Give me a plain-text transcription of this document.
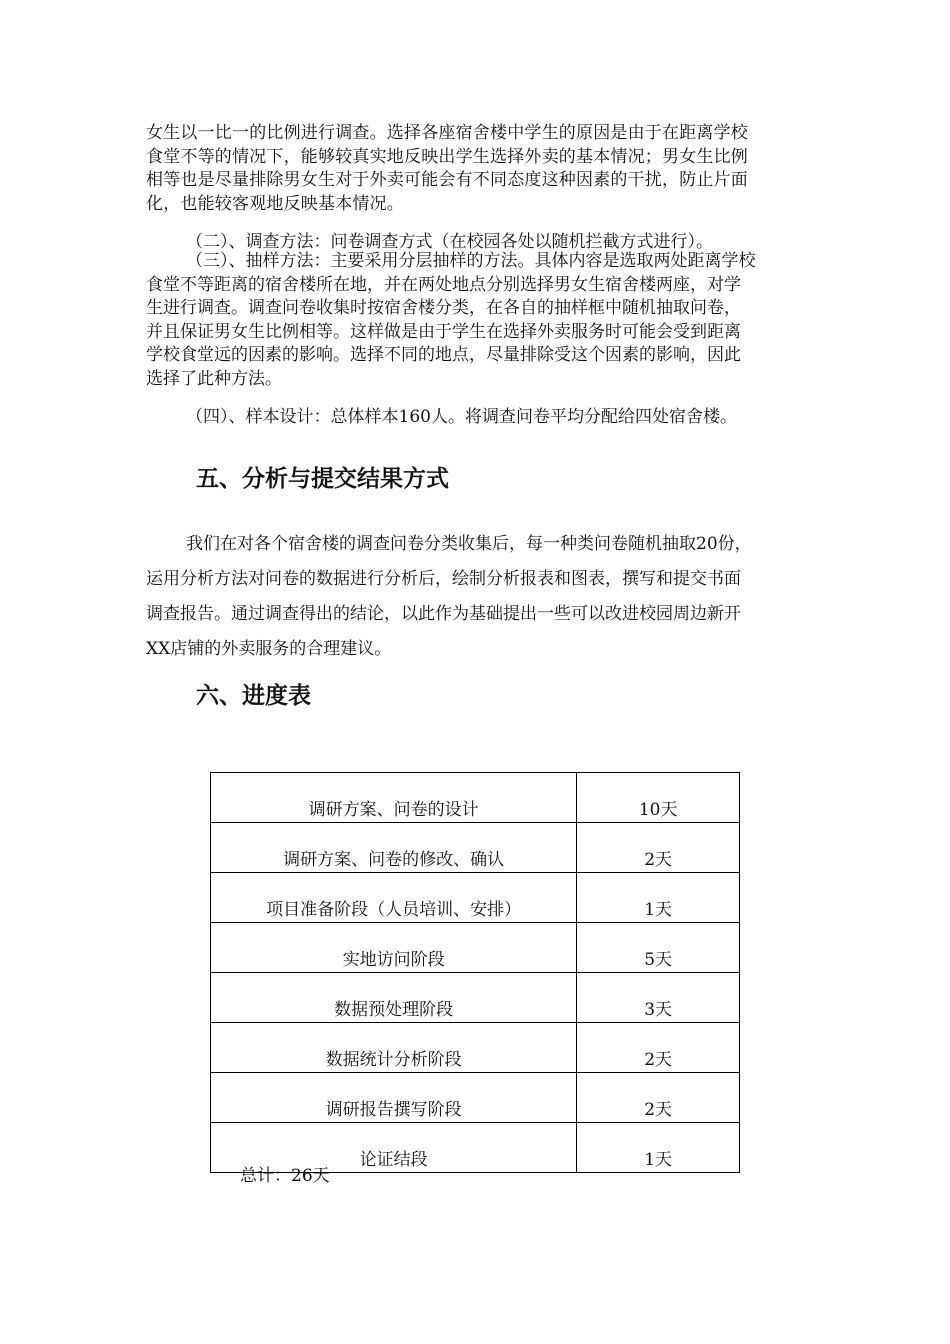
女生以一比一的比例进行调查。选择各座宿舍楼中学生的原因是由于在距离学校
食堂不等的情况下，能够较真实地反映出学生选择外卖的基本情况；男女生比例
相等也是尽量排除男女生对于外卖可能会有不同态度这种因素的干扰，防止片面
化，也能较客观地反映基本情况。

（二）、调查方法：问卷调查方式（在校园各处以随机拦截方式进行）。

（三）、抽样方法：主要采用分层抽样的方法。具体内容是选取两处距离学校
食堂不等距离的宿舍楼所在地，并在两处地点分别选择男女生宿舍楼两座，对学
生进行调查。调查问卷收集时按宿舍楼分类，在各自的抽样框中随机抽取问卷，
并且保证男女生比例相等。这样做是由于学生在选择外卖服务时可能会受到距离
学校食堂远的因素的影响。选择不同的地点，尽量排除受这个因素的影响，因此
选择了此种方法。

（四）、样本设计：总体样本160人。将调查问卷平均分配给四处宿舍楼。

五、分析与提交结果方式

我们在对各个宿舍楼的调查问卷分类收集后，每一种类问卷随机抽取20份，
运用分析方法对问卷的数据进行分析后，绘制分析报表和图表，撰写和提交书面
调查报告。通过调查得出的结论，以此作为基础提出一些可以改进校园周边新开
XX店铺的外卖服务的合理建议。

六、进度表
调研方案、问卷的设计	10天
调研方案、问卷的修改、确认	2天
项目准备阶段（人员培训、安排）	1天
实地访问阶段	5天
数据预处理阶段	3天
数据统计分析阶段	2天
调研报告撰写阶段	2天
论证结段	1天

总计：26天
